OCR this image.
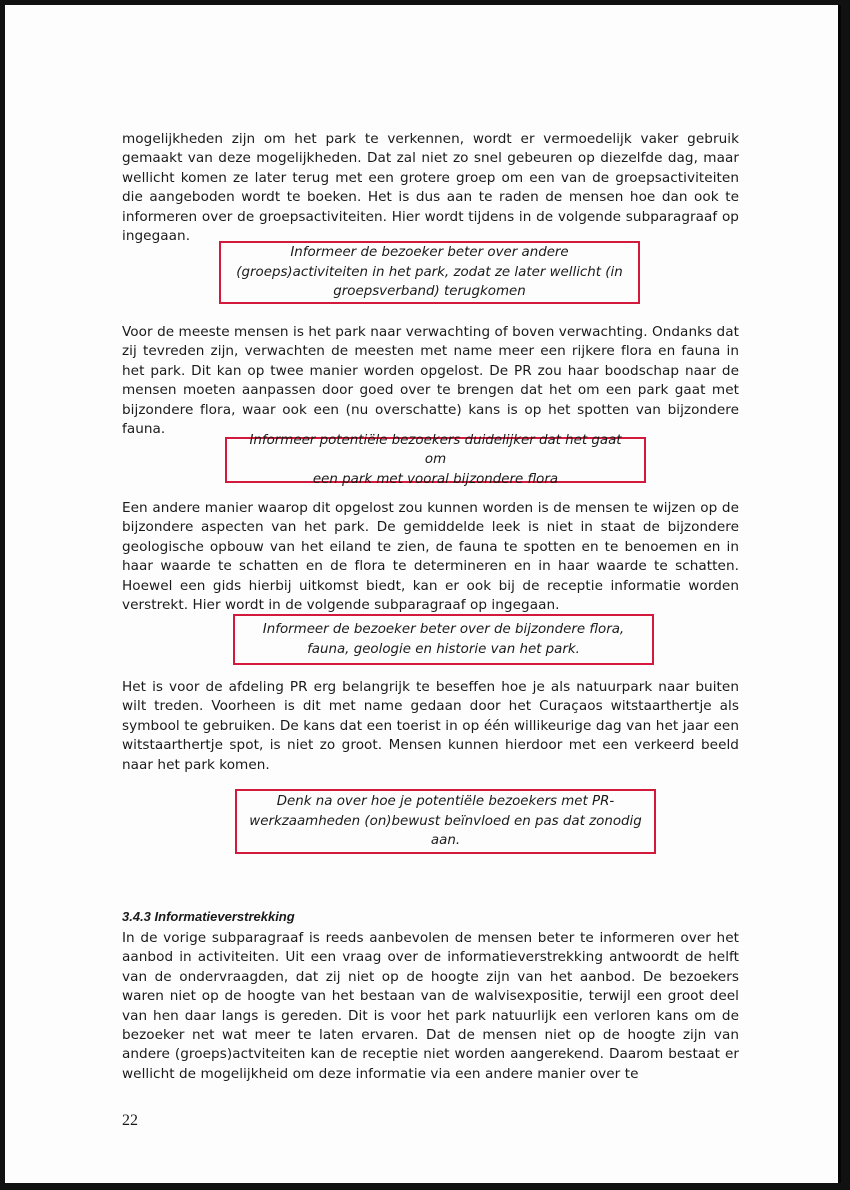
mogelijkheden zijn om het park te verkennen, wordt er vermoedelijk vaker gebruik gemaakt van deze mogelijkheden. Dat zal niet zo snel gebeuren op diezelfde dag, maar wellicht komen ze later terug met een grotere groep om een van de groepsactiviteiten die aangeboden wordt te boeken. Het is dus aan te raden de mensen hoe dan ook te informeren over de groepsactiviteiten. Hier wordt tijdens in de volgende subparagraaf op ingegaan.

Informeer de bezoeker beter over andere
(groeps)activiteiten in het park, zodat ze later wellicht (in
groepsverband) terugkomen

Voor de meeste mensen is het park naar verwachting of boven verwachting. Ondanks dat zij tevreden zijn, verwachten de meesten met name meer een rijkere flora en fauna in het park. Dit kan op twee manier worden opgelost. De PR zou haar boodschap naar de mensen moeten aanpassen door goed over te brengen dat het om een park gaat met bijzondere flora, waar ook een (nu overschatte) kans is op het spotten van bijzondere fauna.

Informeer potentiële bezoekers duidelijker dat het gaat om
een park met vooral bijzondere flora

Een andere manier waarop dit opgelost zou kunnen worden is de mensen te wijzen op de bijzondere aspecten van het park. De gemiddelde leek is niet in staat de bijzondere geologische opbouw van het eiland te zien, de fauna te spotten en te benoemen en in haar waarde te schatten en de flora te determineren en in haar waarde te schatten. Hoewel een gids hierbij uitkomst biedt, kan er ook bij de receptie informatie worden verstrekt. Hier wordt in de volgende subparagraaf op ingegaan.

Informeer de bezoeker beter over de bijzondere flora,
fauna, geologie en historie van het park.

Het is voor de afdeling PR erg belangrijk te beseffen hoe je als natuurpark naar buiten wilt treden. Voorheen is dit met name gedaan door het Curaçaos witstaarthertje als symbool te gebruiken. De kans dat een toerist in op één willikeurige dag van het jaar een witstaarthertje spot, is niet zo groot. Mensen kunnen hierdoor met een verkeerd beeld naar het park komen.

Denk na over hoe je potentiële bezoekers met PR-
werkzaamheden (on)bewust beïnvloed en pas dat zonodig
aan.
3.4.3 Informatieverstrekking

In de vorige subparagraaf is reeds aanbevolen de mensen beter te informeren over het aanbod in activiteiten. Uit een vraag over de informatieverstrekking antwoordt de helft van de ondervraagden, dat zij niet op de hoogte zijn van het aanbod. De bezoekers waren niet op de hoogte van het bestaan van de walvisexpositie, terwijl een groot deel van hen daar langs is gereden. Dit is voor het park natuurlijk een verloren kans om de bezoeker net wat meer te laten ervaren. Dat de mensen niet op de hoogte zijn van andere (groeps)actviteiten kan de receptie niet worden aangerekend. Daarom bestaat er wellicht de mogelijkheid om deze informatie via een andere manier over te

22
